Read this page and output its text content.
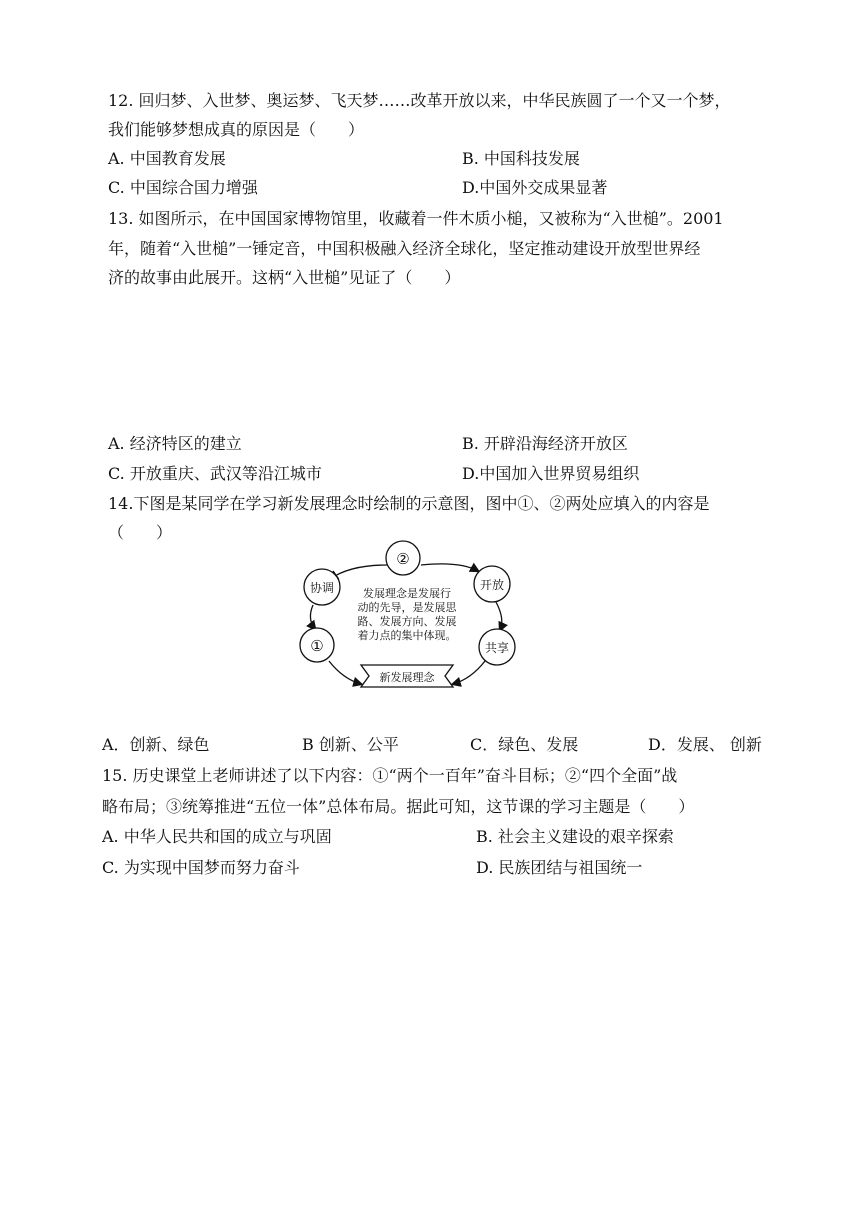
12. 回归梦、入世梦、奥运梦、飞天梦……改革开放以来，中华民族圆了一个又一个梦，
我们能够梦想成真的原因是（　　）
A. 中国教育发展	B. 中国科技发展
C. 中国综合国力增强	D.中国外交成果显著
13. 如图所示，在中国国家博物馆里，收藏着一件木质小槌，又被称为“入世槌”。2001
年，随着“入世槌”一锤定音，中国积极融入经济全球化，坚定推动建设开放型世界经
济的故事由此展开。这柄“入世槌”见证了（　　）
A. 经济特区的建立	B. 开辟沿海经济开放区
C. 开放重庆、武汉等沿江城市	D.中国加入世界贸易组织
14.下图是某同学在学习新发展理念时绘制的示意图，图中①、②两处应填入的内容是
（　　）
②
协调
①
开放
共享
发展理念是发展行
动的先导，是发展思
路、发展方向、发展
着力点的集中体现。
新发展理念
A．创新、绿色	B 创新、公平	C．绿色、发展	D．发展、 创新
15. 历史课堂上老师讲述了以下内容：①“两个一百年”奋斗目标；②“四个全面”战
略布局；③统筹推进“五位一体”总体布局。据此可知，这节课的学习主题是（　　）
A. 中华人民共和国的成立与巩固	B. 社会主义建设的艰辛探索
C. 为实现中国梦而努力奋斗	D. 民族团结与祖国统一
